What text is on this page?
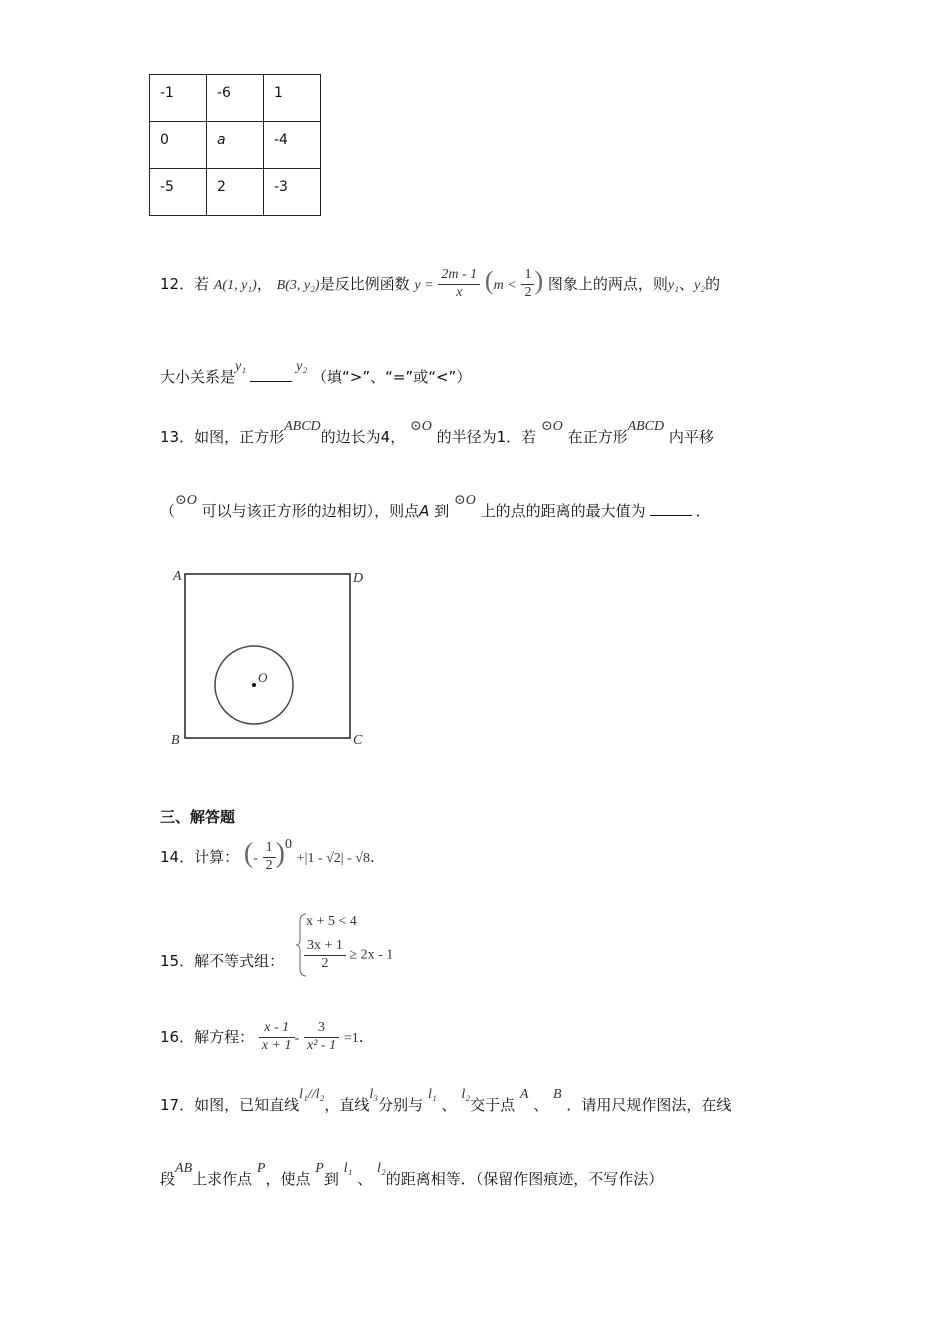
-1	-6	1
0	a	-4
-5	2	-3
12．若 A(1, y₁)， B(3, y₂)是反比例函数 $y = \frac{2m - 1}{x} (m < \frac{1}{2}$ ) 图象上的两点，则y₁、y₂的
大小关系是y₁	y₂ （填“>”、“=”或“<”）
13．如图，正方形ABCD的边长为4， ⊙O 的半径为1．若 ⊙O 在正方形ABCD 内平移
（⊙O 可以与该正方形的边相切），则点A 到 ⊙O 上的点的距离的最大值为	．
A	D
B	C
O
三、解答题
14．计算： (- $\frac{1}{2} )0 +|1 - √2| - √8$.
15．解不等式组：
x + 5 < 4
$\frac{3x + 1}{2} \ge 2x - 1$
16．解方程： $\frac{x - 1}{x + 1} - \frac{3}{\text{x² - 1}} =1$.
17．如图，已知直线l₁//l₂，直线l₃分别与 l₁ 、 l₂交于点 A 、 B ．请用尺规作图法，在线
段AB上求作点 P，使点 P到 l₁ 、 l₂的距离相等．（保留作图痕迹，不写作法）
